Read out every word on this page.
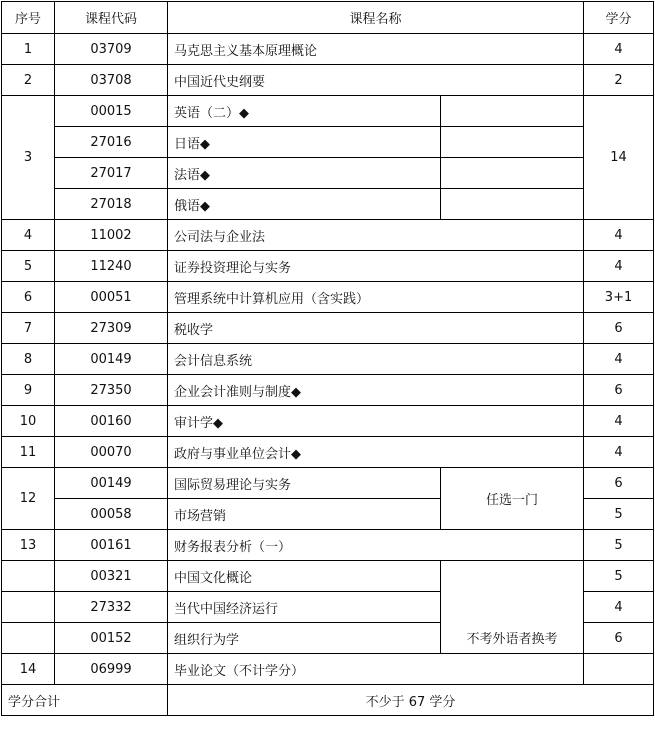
序号	课程代码	课程名称		学分
1	03709	马克思主义基本原理概论		4
2	03708	中国近代史纲要		2
3	00015	英语（二）◆		14
	27016	日语◆		
	27017	法语◆		
	27018	俄语◆		
4	11002	公司法与企业法		4
5	11240	证券投资理论与实务		4
6	00051	管理系统中计算机应用（含实践）		3+1
7	27309	税收学		6
8	00149	会计信息系统		4
9	27350	企业会计准则与制度◆		6
10	00160	审计学◆		4
11	00070	政府与事业单位会计◆		4
12	00149	国际贸易理论与实务	任选一门	6
	00058	市场营销		5
13	00161	财务报表分析（一）		5
	00321	中国文化概论	不考外语者换考	5
	27332	当代中国经济运行		4
	00152	组织行为学		6
14	06999	毕业论文（不计学分）		
学分合计		不少于 67 学分		
